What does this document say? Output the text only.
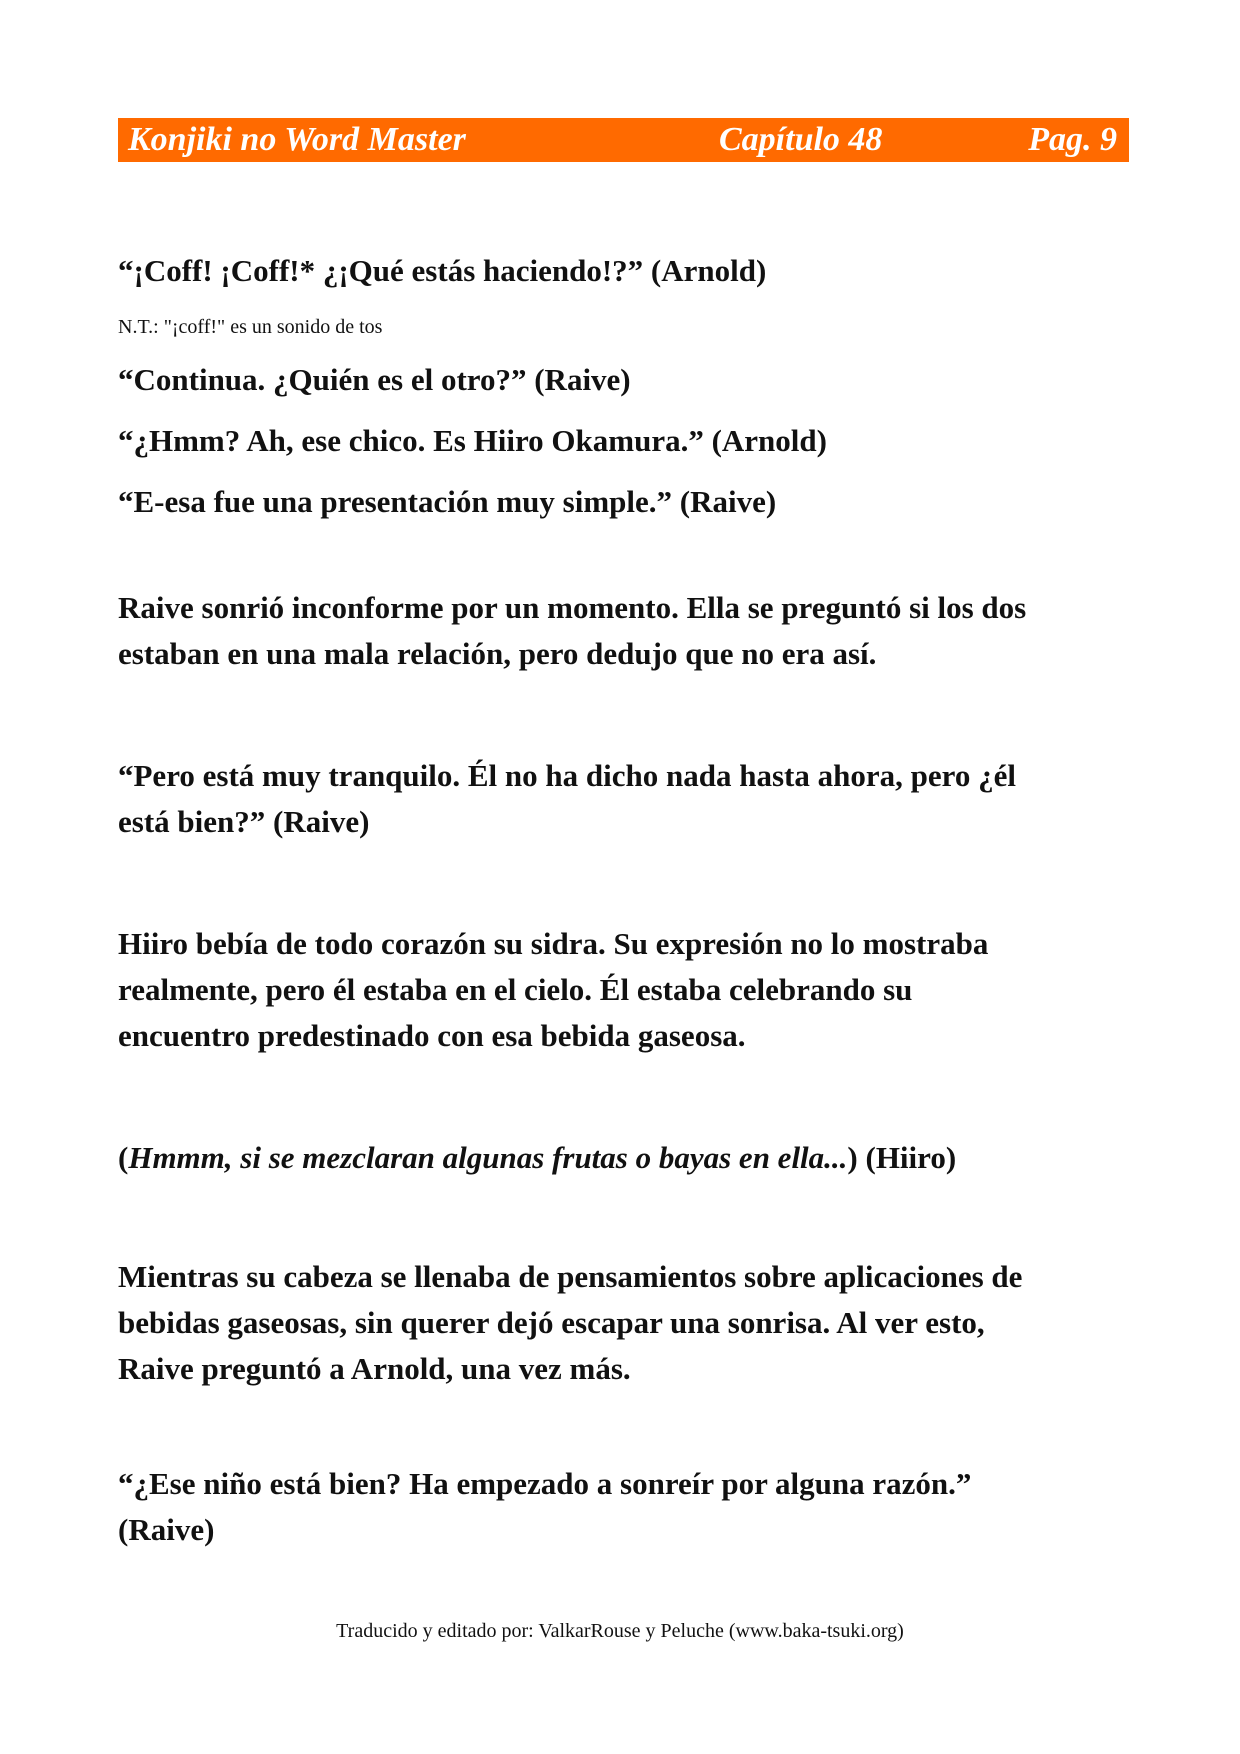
Konjiki no Word Master	Capítulo 48	Pag. 9

“¡Coff! ¡Coff!* ¿¡Qué estás haciendo!?” (Arnold)

N.T.: "¡coff!" es un sonido de tos

“Continua. ¿Quién es el otro?” (Raive)

“¿Hmm? Ah, ese chico. Es Hiiro Okamura.” (Arnold)

“E-esa fue una presentación muy simple.” (Raive)

Raive sonrió inconforme por un momento. Ella se preguntó si los dos
estaban en una mala relación, pero dedujo que no era así.

“Pero está muy tranquilo. Él no ha dicho nada hasta ahora, pero ¿él
está bien?” (Raive)

Hiiro bebía de todo corazón su sidra. Su expresión no lo mostraba
realmente, pero él estaba en el cielo. Él estaba celebrando su
encuentro predestinado con esa bebida gaseosa.

(Hmmm, si se mezclaran algunas frutas o bayas en ella...) (Hiiro)

Mientras su cabeza se llenaba de pensamientos sobre aplicaciones de
bebidas gaseosas, sin querer dejó escapar una sonrisa. Al ver esto,
Raive preguntó a Arnold, una vez más.

“¿Ese niño está bien? Ha empezado a sonreír por alguna razón.”
(Raive)

Traducido y editado por: ValkarRouse y Peluche (www.baka-tsuki.org)
